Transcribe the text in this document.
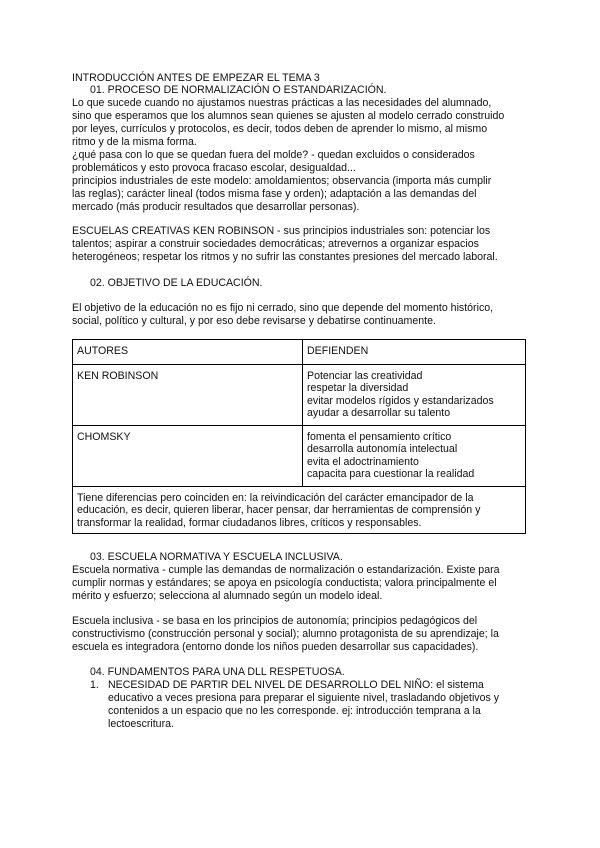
INTRODUCCIÓN ANTES DE EMPEZAR EL TEMA 3
01. PROCESO DE NORMALIZACIÓN O ESTANDARIZACIÓN.
Lo que sucede cuando no ajustamos nuestras prácticas a las necesidades del alumnado,
sino que esperamos que los alumnos sean quienes se ajusten al modelo cerrado construido
por leyes, currículos y protocolos, es decir, todos deben de aprender lo mismo, al mismo
ritmo y de la misma forma.
¿qué pasa con lo que se quedan fuera del molde? - quedan excluidos o considerados
problemáticos y esto provoca fracaso escolar, desigualdad...
principios industriales de este modelo: amoldamientos; observancia (importa más cumplir
las reglas); carácter lineal (todos misma fase y orden); adaptación a las demandas del
mercado (más producir resultados que desarrollar personas).
ESCUELAS CREATIVAS KEN ROBINSON - sus principios industriales son: potenciar los
talentos; aspirar a construir sociedades democráticas; atrevernos a organizar espacios
heterogéneos; respetar los ritmos y no sufrir las constantes presiones del mercado laboral.
02. OBJETIVO DE LA EDUCACIÓN.
El objetivo de la educación no es fijo ni cerrado, sino que depende del momento histórico,
social, político y cultural, y por eso debe revisarse y debatirse continuamente.
AUTORES	DEFIENDEN

KEN ROBINSON	Potenciar las creatividad
respetar la diversidad
evitar modelos rígidos y estandarizados
ayudar a desarrollar su talento

CHOMSKY	fomenta el pensamiento crítico
desarrolla autonomía intelectual
evita el adoctrinamiento
capacita para cuestionar la realidad

Tiene diferencias pero coinciden en: la reivindicación del carácter emancipador de la
educación, es decir, quieren liberar, hacer pensar, dar herramientas de comprensión y
transformar la realidad, formar ciudadanos libres, críticos y responsables.	
03. ESCUELA NORMATIVA Y ESCUELA INCLUSIVA.
Escuela normativa - cumple las demandas de normalización o estandarización. Existe para
cumplir normas y estándares; se apoya en psicología conductista; valora principalmente el
mérito y esfuerzo; selecciona al alumnado según un modelo ideal.
Escuela inclusiva - se basa en los principios de autonomía; principios pedagógicos del
constructivismo (construcción personal y social); alumno protagonista de su aprendizaje; la
escuela es integradora (entorno donde los niños pueden desarrollar sus capacidades).
04. FUNDAMENTOS PARA UNA DLL RESPETUOSA.
1. NECESIDAD DE PARTIR DEL NIVEL DE DESARROLLO DEL NIÑO: el sistema
educativo a veces presiona para preparar el siguiente nivel, trasladando objetivos y
contenidos a un espacio que no les corresponde. ej: introducción temprana a la
lectoescritura.
